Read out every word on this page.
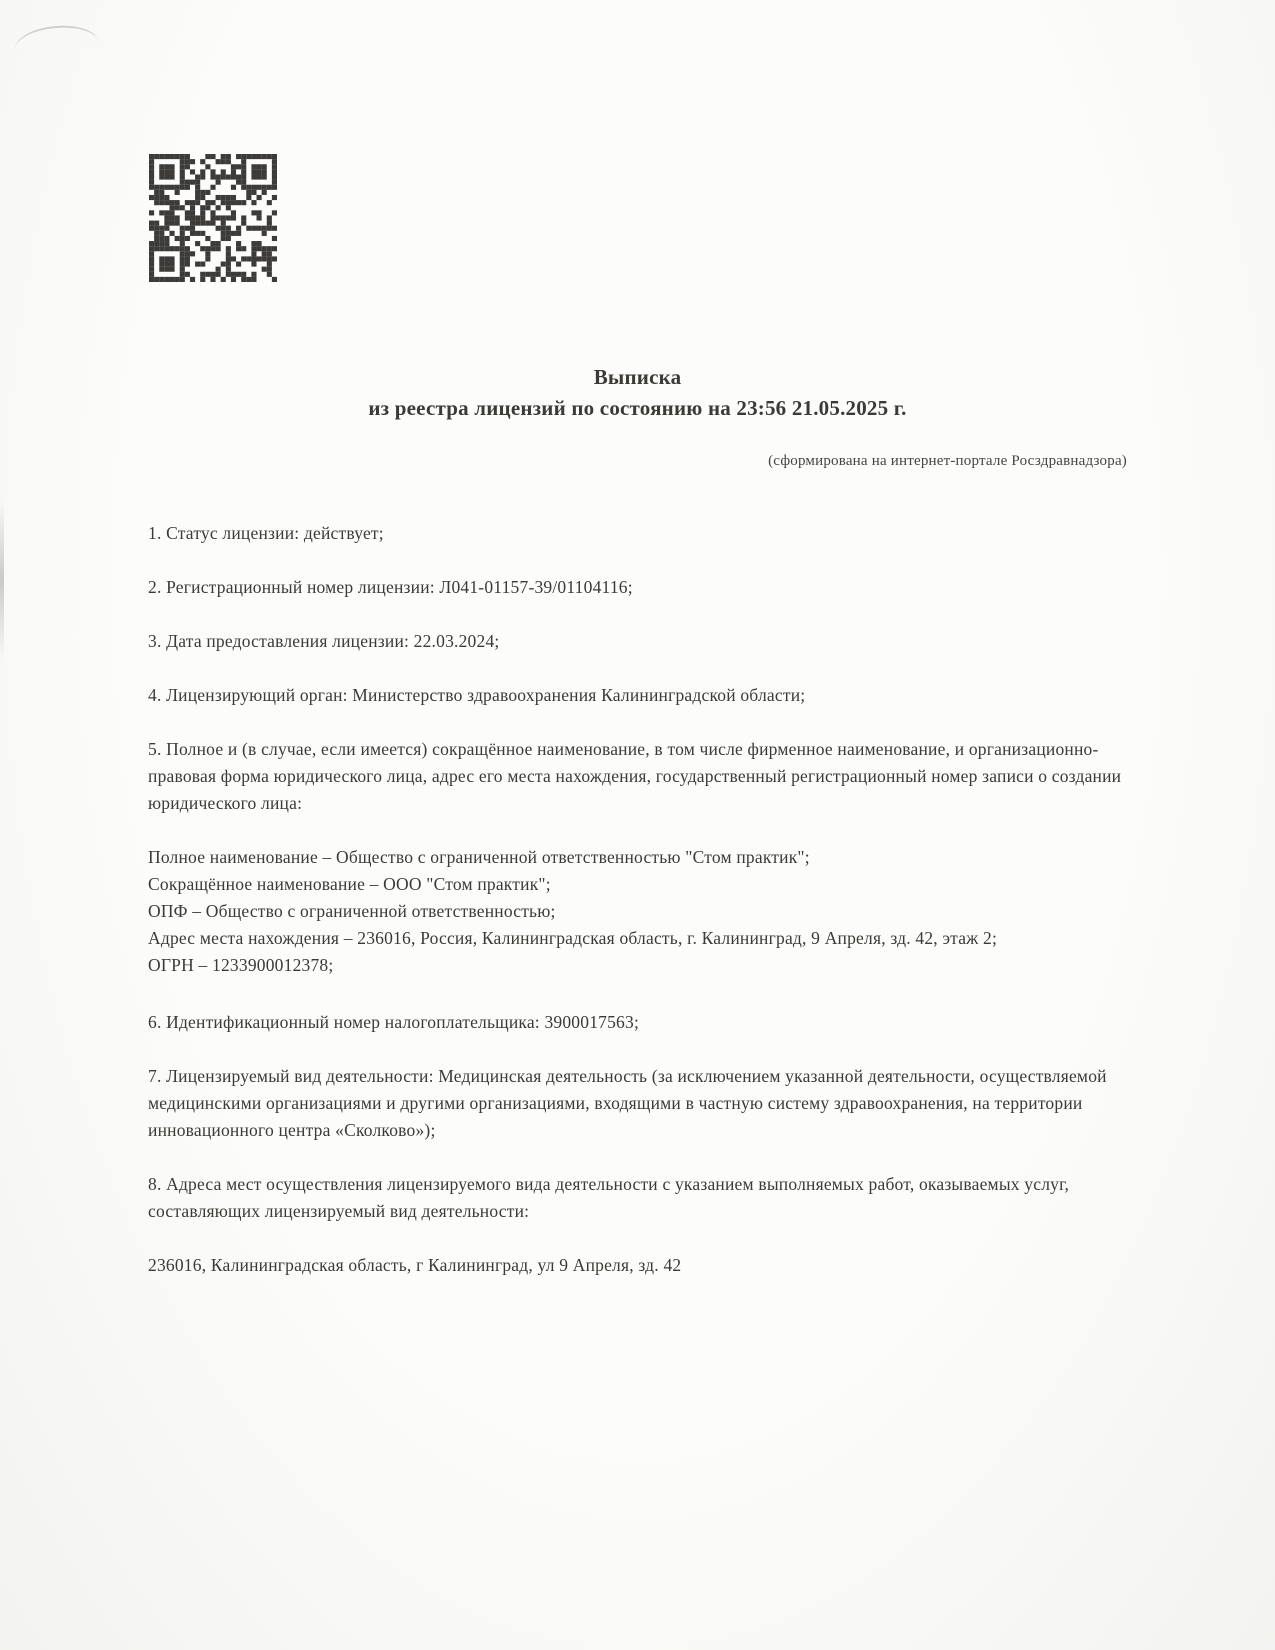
Выписка
из реестра лицензий по состоянию на 23:56 21.05.2025 г.
(сформирована на интернет-портале Росздравнадзора)

1. Статус лицензии: действует;

2. Регистрационный номер лицензии: Л041-01157-39/01104116;

3. Дата предоставления лицензии: 22.03.2024;

4. Лицензирующий орган: Министерство здравоохранения Калининградской области;

5. Полное и (в случае, если имеется) сокращённое наименование, в том числе фирменное наименование, и организационно-правовая форма юридического лица, адрес его места нахождения, государственный регистрационный номер записи о создании юридического лица:

Полное наименование – Общество с ограниченной ответственностью "Стом практик";

Сокращённое наименование – ООО "Стом практик";

ОПФ – Общество с ограниченной ответственностью;

Адрес места нахождения – 236016, Россия, Калининградская область, г. Калининград, 9 Апреля, зд. 42, этаж 2;

ОГРН – 1233900012378;

6. Идентификационный номер налогоплательщика: 3900017563;

7. Лицензируемый вид деятельности: Медицинская деятельность (за исключением указанной деятельности, осуществляемой медицинскими организациями и другими организациями, входящими в частную систему здравоохранения, на территории инновационного центра «Сколково»);

8. Адреса мест осуществления лицензируемого вида деятельности с указанием выполняемых работ, оказываемых услуг, составляющих лицензируемый вид деятельности:

236016, Калининградская область, г Калининград, ул 9 Апреля, зд. 42
